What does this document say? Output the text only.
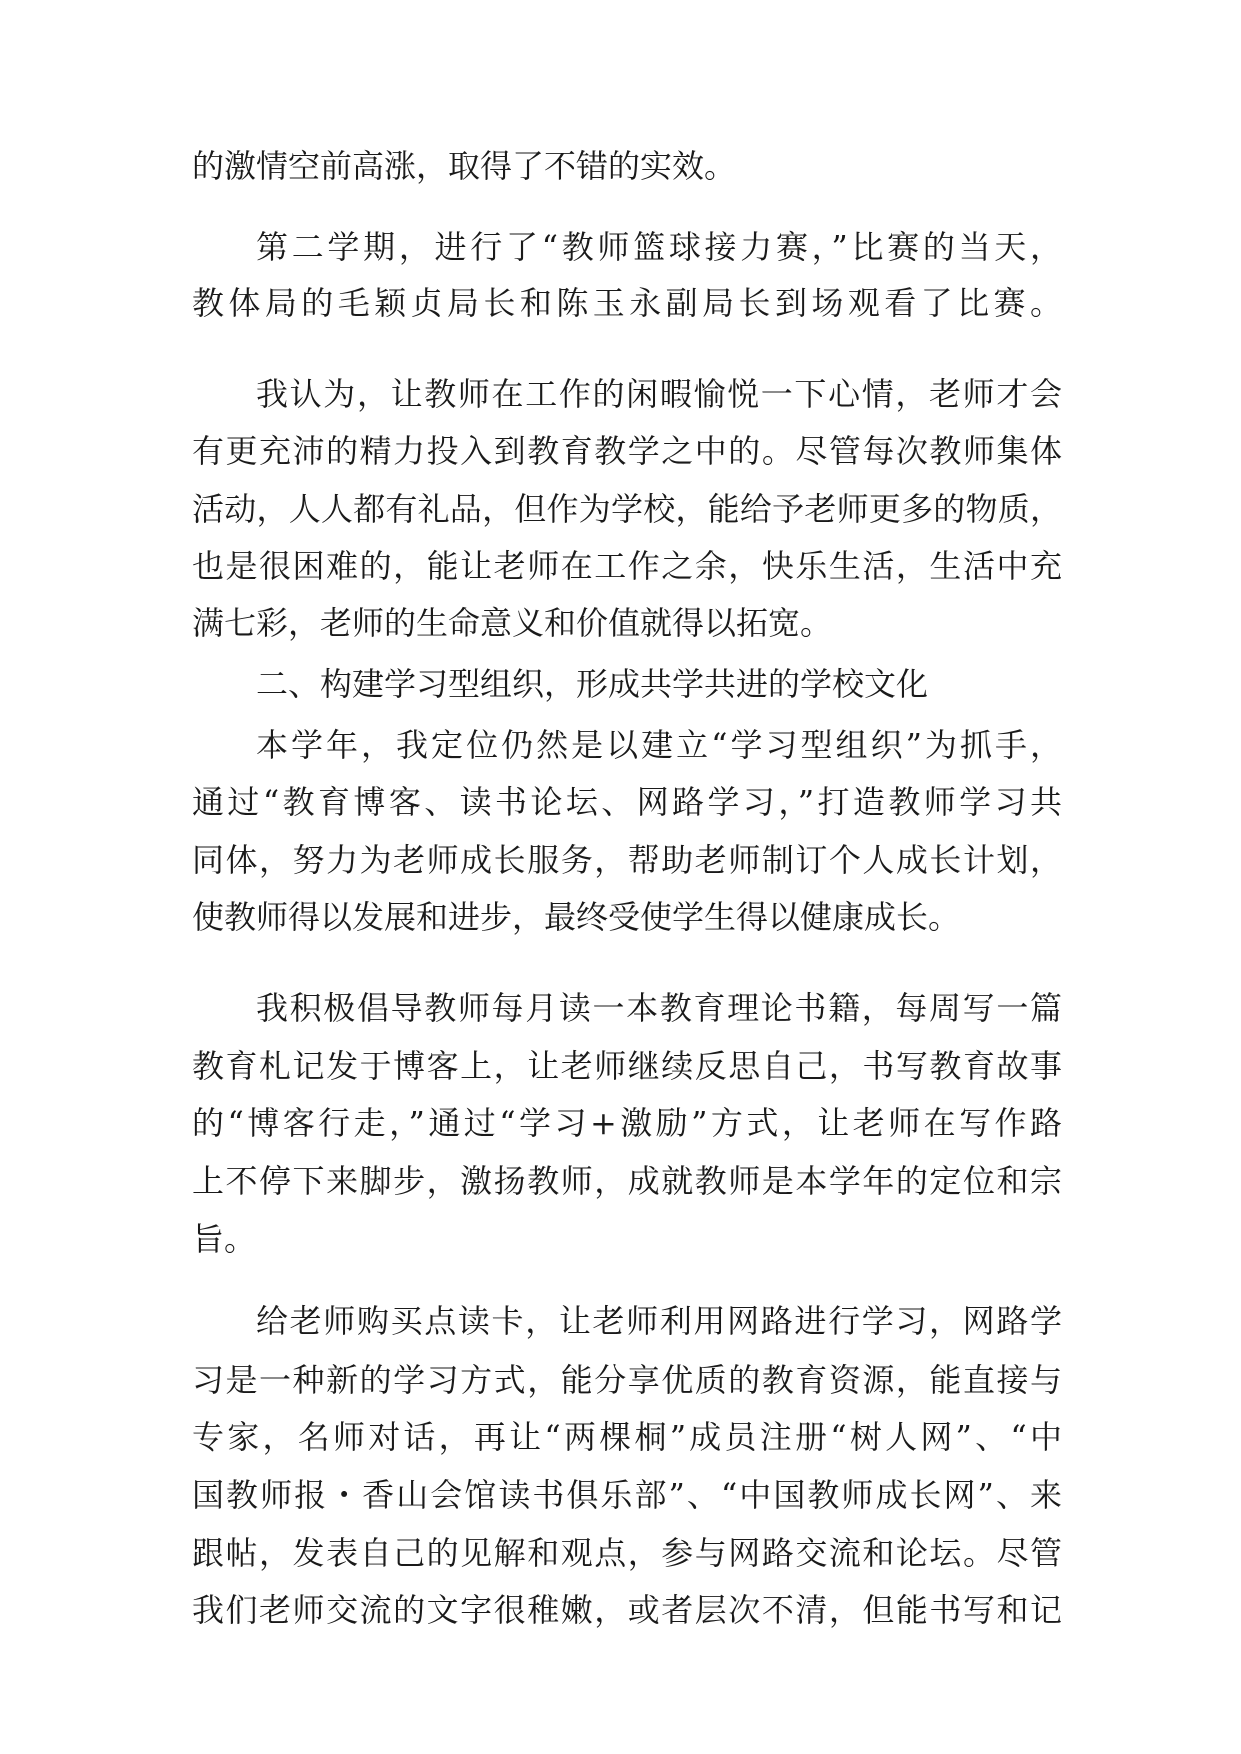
的激情空前高涨，取得了不错的实效。

第二学期，进行了“教师篮球接力赛，”比赛的当天，

教体局的毛颖贞局长和陈玉永副局长到场观看了比赛。

我认为，让教师在工作的闲暇愉悦一下心情，老师才会

有更充沛的精力投入到教育教学之中的。尽管每次教师集体

活动，人人都有礼品，但作为学校，能给予老师更多的物质，

也是很困难的，能让老师在工作之余，快乐生活，生活中充

满七彩，老师的生命意义和价值就得以拓宽。

二、构建学习型组织，形成共学共进的学校文化

本学年，我定位仍然是以建立“学习型组织”为抓手，

通过“教育博客、读书论坛、网路学习，”打造教师学习共

同体，努力为老师成长服务，帮助老师制订个人成长计划，

使教师得以发展和进步，最终受使学生得以健康成长。

我积极倡导教师每月读一本教育理论书籍，每周写一篇

教育札记发于博客上，让老师继续反思自己，书写教育故事

的“博客行走，”通过“学习+激励”方式，让老师在写作路

上不停下来脚步，激扬教师，成就教师是本学年的定位和宗

旨。

给老师购买点读卡，让老师利用网路进行学习，网路学

习是一种新的学习方式，能分享优质的教育资源，能直接与

专家，名师对话，再让“两棵桐”成员注册“树人网”、“中

国教师报・香山会馆读书俱乐部”、“中国教师成长网”、来

跟帖，发表自己的见解和观点，参与网路交流和论坛。尽管

我们老师交流的文字很稚嫩，或者层次不清，但能书写和记
